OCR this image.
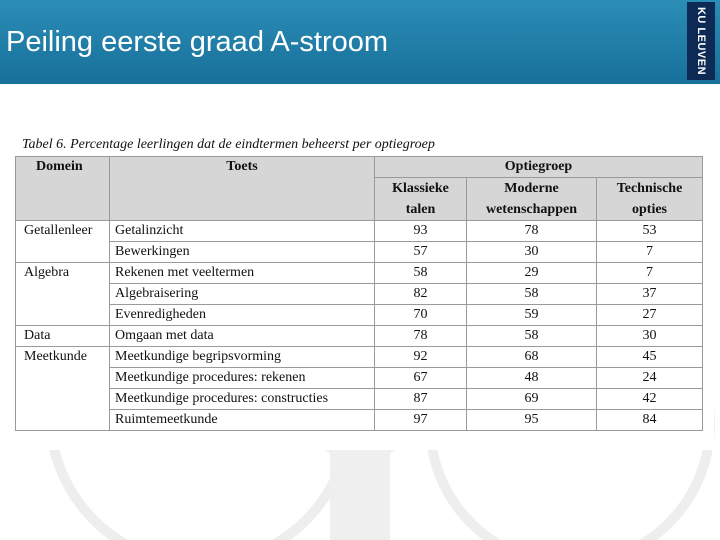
Peiling eerste graad A-stroom	KU LEUVEN
Tabel 6. Percentage leerlingen dat de eindtermen beheerst per optiegroep
Domein	Toets	Optiegroep		
		Klassieke talen	Moderne wetenschappen	Technische opties
Getallenleer	Getalinzicht	93	78	53
	Bewerkingen	57	30	7
Algebra	Rekenen met veeltermen	58	29	7
	Algebraisering	82	58	37
	Evenredigheden	70	59	27
Data	Omgaan met data	78	58	30
Meetkunde	Meetkundige begripsvorming	92	68	45
	Meetkundige procedures: rekenen	67	48	24
	Meetkundige procedures: constructies	87	69	42
	Ruimtemeetkunde	97	95	84
